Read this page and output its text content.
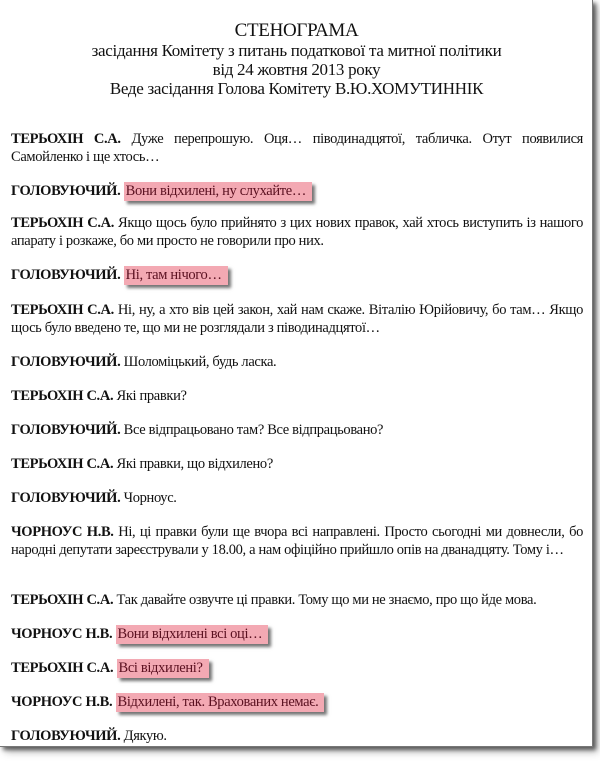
СТЕНОГРАМА
засідання Комітету з питань податкової та митної політики
від 24 жовтня 2013 року
Веде засідання Голова Комітету В.Ю.ХОМУТИННІК

ТЕРЬОХІН С.А. Дуже перепрошую. Оця… пiводинадцятої, табличка. Отут появилися Самойленко і ще хтось…

ГОЛОВУЮЧИЙ. Вони відхилені, ну слухайте…

ТЕРЬОХІН С.А. Якщо щось було прийнято з цих нових правок, хай хтось виступить із нашого апарату і розкаже, бо ми просто не говорили про них.

ГОЛОВУЮЧИЙ. Ні, там нічого…

ТЕРЬОХІН С.А. Ні, ну, а хто вів цей закон, хай нам скаже. Віталію Юрійовичу, бо там… Якщо щось було введено те, що ми не розглядали з пiводинадцятої…

ГОЛОВУЮЧИЙ. Шоломіцький, будь ласка.

ТЕРЬОХІН С.А. Які правки?

ГОЛОВУЮЧИЙ. Все відпрацьовано там? Все відпрацьовано?

ТЕРЬОХІН С.А. Які правки, що відхилено?

ГОЛОВУЮЧИЙ. Чорноус.

ЧОРНОУС Н.В. Ні, ці правки були ще вчора всі направлені. Просто сьогодні ми довнесли, бо народні депутати зареєстрували у 18.00, а нам офіційно прийшло опів на дванадцяту. Тому і…

ТЕРЬОХІН С.А. Так давайте озвучте ці правки. Тому що ми не знаємо, про що йде мова.

ЧОРНОУС Н.В. Вони відхилені всі оці…

ТЕРЬОХІН С.А. Всі відхилені?

ЧОРНОУС Н.В. Відхилені, так. Врахованих немає.

ГОЛОВУЮЧИЙ. Дякую.
